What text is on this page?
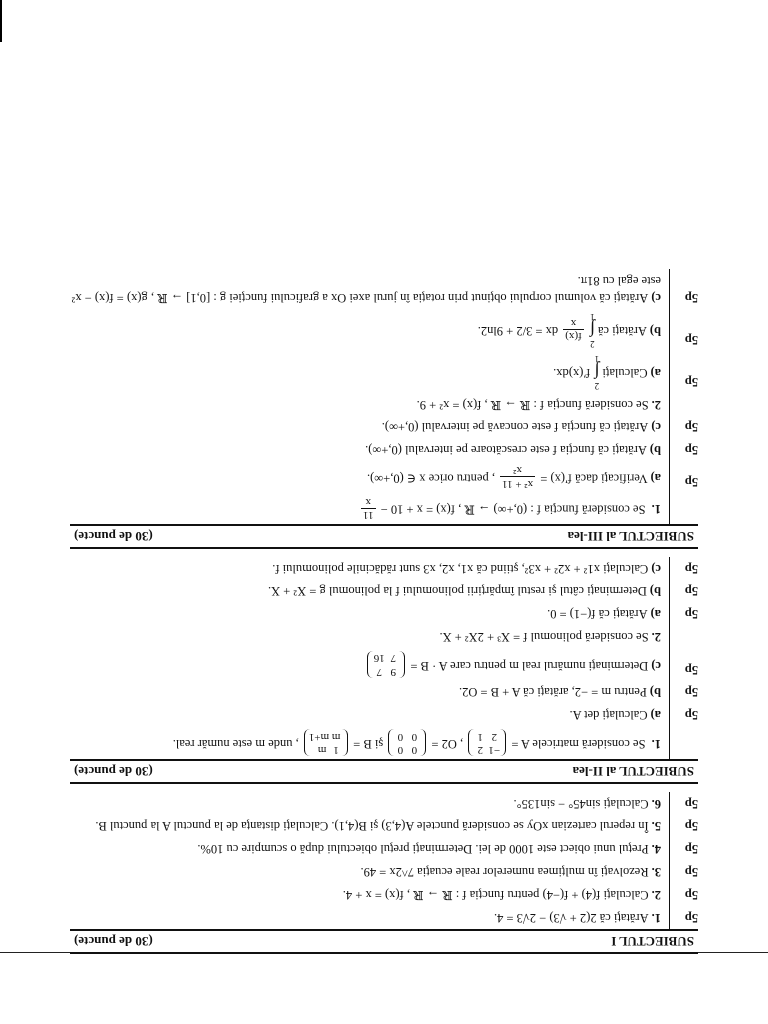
SUBIECTUL I
(30 de puncte)
5p
1.Arătaţi că 2(2 + √3) − 2√3 = 4.
5p
2.Calculaţi f(4) + f(−4) pentru funcţia f : ℝ → ℝ , f(x) = x + 4.
5p
3.Rezolvaţi în mulţimea numerelor reale ecuaţia 7^2x = 49.
5p
4.Preţul unui obiect este 1000 de lei. Determinaţi preţul obiectului după o scumpire cu 10%.
5p
5.În reperul cartezian xOy se consideră punctele A(4,3) şi B(4,1). Calculaţi distanţa de la punctul A la punctul B.
5p
6.Calculaţi sin45° − sin135°.
SUBIECTUL al II-lea
(30 de puncte)
1. Se consideră matricele A = −12
21 , O2 = 00
00 şi B = 1m
mm+1 , unde m este număr real.
5p
a)Calculaţi det A.
5p
b)Pentru m = −2, arătaţi că A + B = O2.
5p
c)Determinaţi numărul real m pentru care A · B = 97
716
2.Se consideră polinomul f = X³ + 2X² + X.
5p
a)Arătaţi că f(−1) = 0.
5p
b)Determinaţi câtul şi restul împărţirii polinomului f la polinomul g = X² + X.
5p
c)Calculaţi x1² + x2² + x3², ştiind că x1, x2, x3 sunt rădăcinile polinomului f.
SUBIECTUL al III-lea
(30 de puncte)
1. Se consideră funcţia f : (0,+∞) → ℝ , f(x) = x + 10 −
11
x
5p
a)Verificaţi dacă f′(x) =
x² + 11
x²
, pentru orice x ∈ (0,+∞).
5p
b)Arătaţi că funcţia f este crescătoare pe intervalul (0,+∞).
5p
c)Arătaţi că funcţia f este concavă pe intervalul (0,+∞).
2.Se consideră funcţia f : ℝ → ℝ , f(x) = x² + 9.
5p
a)Calculaţi
2
∫
1
f′(x)dx.
5p
b)Arătaţi că
2
∫
1

f(x)
x
dx = 3/2 + 9ln2.
5p
c)Arătaţi că volumul corpului obţinut prin rotaţia în jurul axei Ox a graficului funcţiei g : [0,1] → ℝ , g(x) = f(x) − x² este egal cu 81π.
